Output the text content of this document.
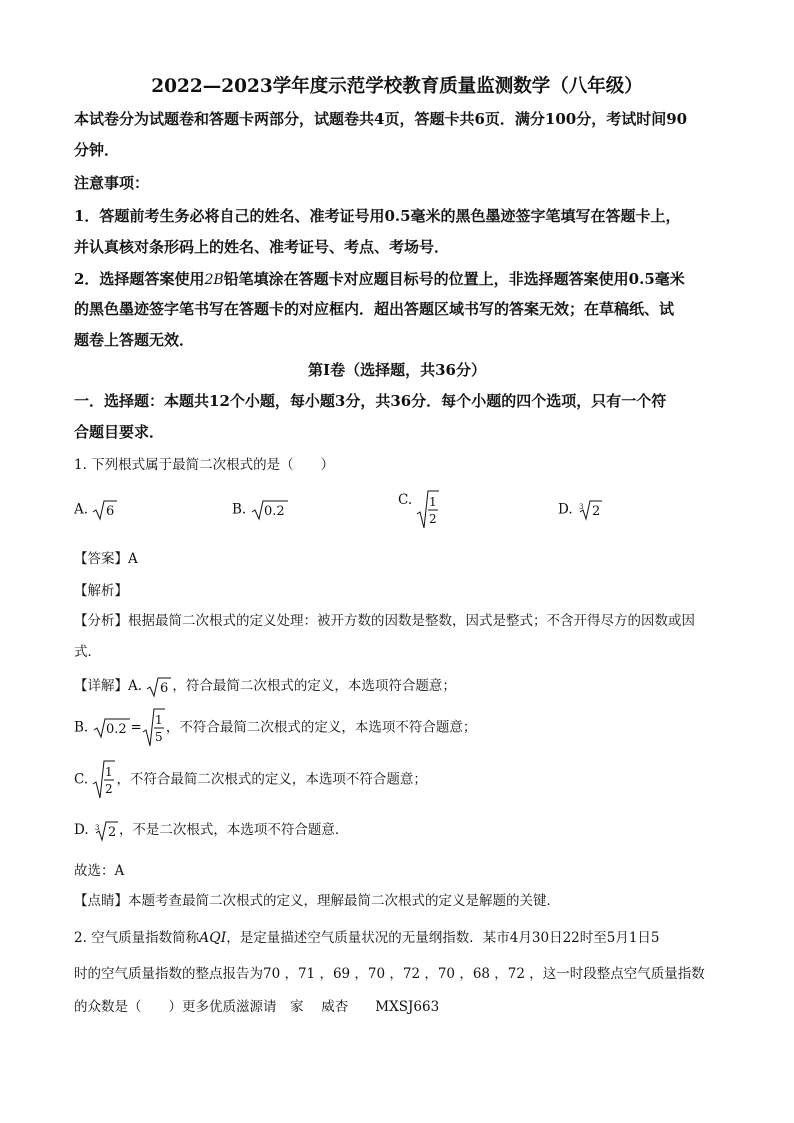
2022—2023学年度示范学校教育质量监测数学（八年级）
本试卷分为试题卷和答题卡两部分，试题卷共4页，答题卡共6页．满分100分，考试时间90
分钟．
注意事项：
1．答题前考生务必将自己的姓名、准考证号用0.5毫米的黑色墨迹签字笔填写在答题卡上，
并认真核对条形码上的姓名、准考证号、考点、考场号．
2．选择题答案使用2B铅笔填涂在答题卡对应题目标号的位置上，非选择题答案使用0.5毫米
的黑色墨迹签字笔书写在答题卡的对应框内．超出答题区域书写的答案无效；在草稿纸、试
题卷上答题无效．
第Ⅰ卷（选择题，共36分）
一．选择题：本题共12个小题，每小题3分，共36分．每个小题的四个选项，只有一个符
合题目要求．
1. 下列根式属于最简二次根式的是（　　）
A. 6	B. 0.2
C. 1
2
D. 3 2
【答案】A
【解析】
【分析】根据最简二次根式的定义处理：被开方数的因数是整数，因式是整式；不含开得尽方的因数或因
式．
【详解】A. 6 ，符合最简二次根式的定义，本选项符合题意；
B. 0.2 = 1
5
，不符合最简二次根式的定义，本选项不符合题意；
C. 1
2
，不符合最简二次根式的定义，本选项不符合题意；
D. 3 2 ，不是二次根式，本选项不符合题意．
故选：A
【点睛】本题考查最简二次根式的定义，理解最简二次根式的定义是解题的关键．
2. 空气质量指数简称AQI，是定量描述空气质量状况的无量纲指数．某市4月30日22时至5月1日5
时的空气质量指数的整点报告为70 ，71 ，69 ，70 ，72 ，70 ，68 ，72 ，这一时段整点空气质量指数
的众数是（　　）更多优质滋源请　家　 威杏　　MXSJ663
